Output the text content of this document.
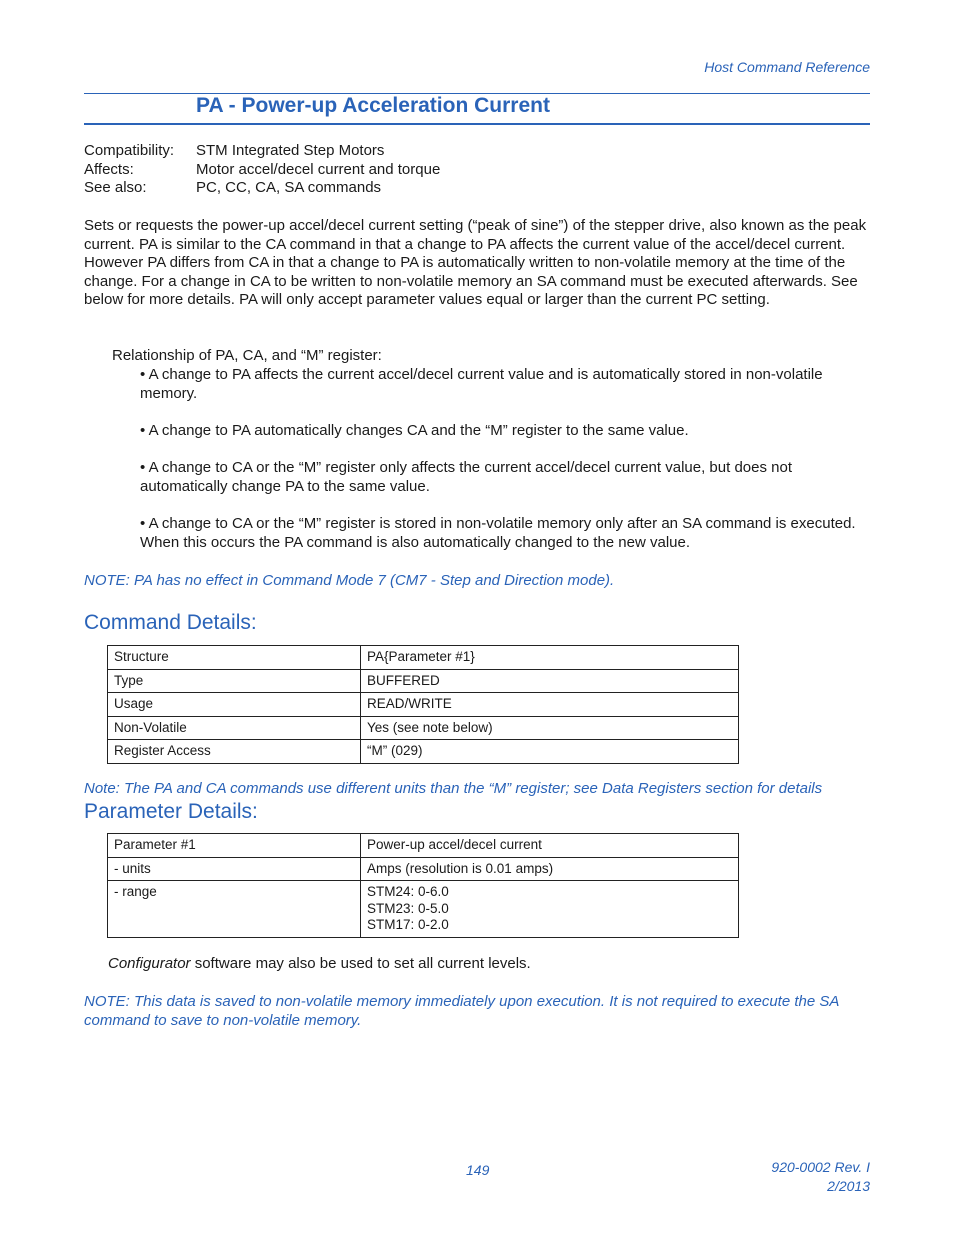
Host Command Reference
PA - Power-up Acceleration Current
Compatibility:	STM Integrated Step Motors
Affects:	Motor accel/decel current and torque
See also:	PC, CC, CA, SA commands
Sets or requests the power-up accel/decel current setting (“peak of sine”) of the stepper drive, also known as the peak current. PA is similar to the CA command in that a change to PA affects the current value of the accel/decel current. However PA differs from CA in that a change to PA is automatically written to non-volatile memory at the time of the change. For a change in CA to be written to non-volatile memory an SA command must be executed afterwards. See below for more details. PA will only accept parameter values equal or larger than the current PC setting.
Relationship of PA, CA, and “M” register:
• A change to PA affects the current accel/decel current value and is automatically stored in non-volatile memory.
• A change to PA automatically changes CA and the “M” register to the same value.
• A change to CA or the “M” register only affects the current accel/decel current value, but does not automatically change PA to the same value.
• A change to CA or the “M” register is stored in non-volatile memory only after an SA command is executed. When this occurs the PA command is also automatically changed to the new value.
NOTE: PA has no effect in Command Mode 7 (CM7 - Step and Direction mode).
Command Details:
Structure	PA{Parameter #1}
Type	BUFFERED
Usage	READ/WRITE
Non-Volatile	Yes (see note below)
Register Access	“M” (029)
Note: The PA and CA commands use different units than the “M” register; see Data Registers section for details
Parameter Details:
Parameter #1	Power-up accel/decel current
- units	Amps (resolution is 0.01 amps)
- range	STM24: 0-6.0
STM23: 0-5.0
STM17: 0-2.0
Configurator software may also be used to set all current levels.
NOTE: This data is saved to non-volatile memory immediately upon execution. It is not required to execute the SA command to save to non-volatile memory.
149	920-0002 Rev. I
2/2013
